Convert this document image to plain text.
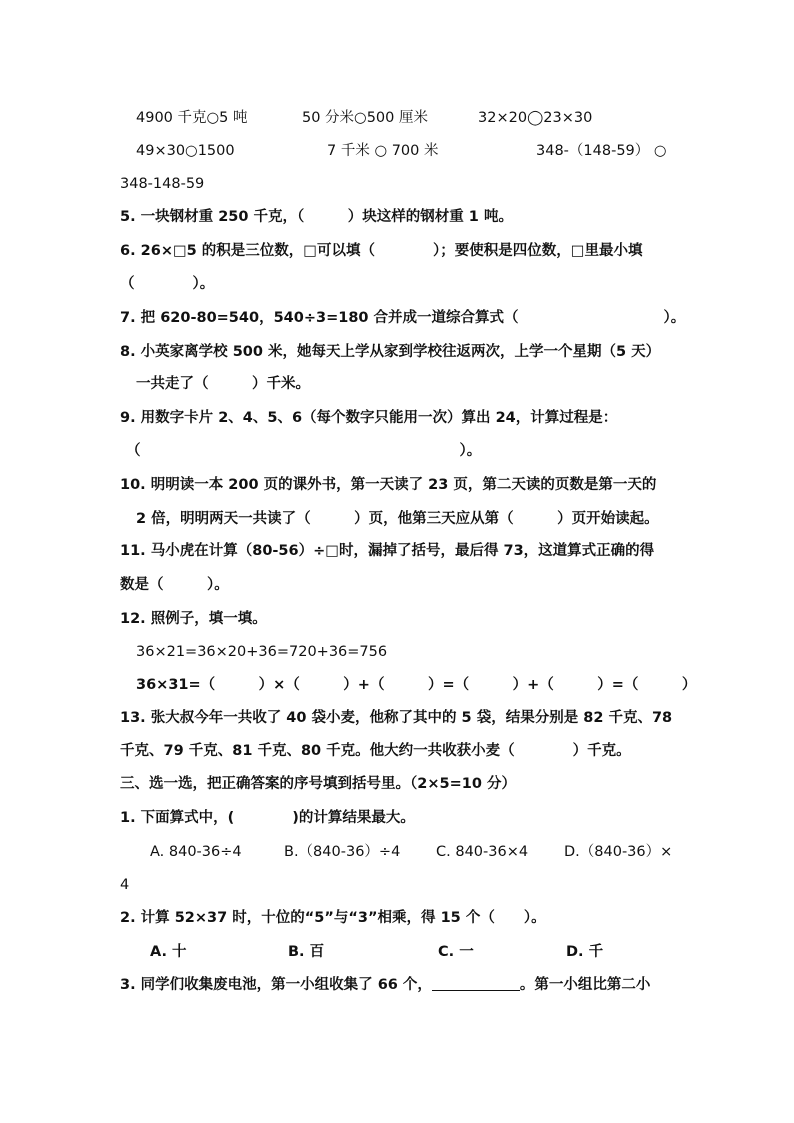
4900 千克○5 吨	50 分米○500 厘米	32×20◯23×30
49×30○1500	7 千米 ○ 700 米	348-（148-59） ○
348-148-59
5. 一块钢材重 250 千克，（　　　）块这样的钢材重 1 吨。
6. 26×□5 的积是三位数，□可以填（　　　　）；要使积是四位数，□里最小填
（　　　　）。
7. 把 620-80=540，540÷3=180 合并成一道综合算式（　　　　　　　　　　）。
8. 小英家离学校 500 米，她每天上学从家到学校往返两次，上学一个星期（5 天）
一共走了（　　　）千米。
9. 用数字卡片 2、4、5、6（每个数字只能用一次）算出 24，计算过程是：
（　　　　　　　　　　　　　　　　　　　　　　）。
10. 明明读一本 200 页的课外书，第一天读了 23 页，第二天读的页数是第一天的
2 倍，明明两天一共读了（　　　）页，他第三天应从第（　　　）页开始读起。
11. 马小虎在计算（80-56）÷□时，漏掉了括号，最后得 73，这道算式正确的得
数是（　　　）。
12. 照例子，填一填。
36×21=36×20+36=720+36=756
36×31=（　　　）×（　　　）+（　　　）=（　　　）+（　　　）=（　　　）
13. 张大叔今年一共收了 40 袋小麦，他称了其中的 5 袋，结果分别是 82 千克、78
千克、79 千克、81 千克、80 千克。他大约一共收获小麦（　　　　）千克。
三、选一选，把正确答案的序号填到括号里。（2×5=10 分）
1. 下面算式中，(　　　　)的计算结果最大。
A. 840-36÷4	B.（840-36）÷4 C. 840-36×4 D.（840-36）×
4
2. 计算 52×37 时，十位的“5”与“3”相乘，得 15 个（　　）。
A. 十	B. 百	C. 一	D. 千
3. 同学们收集废电池，第一小组收集了 66 个，	。第一小组比第二小
